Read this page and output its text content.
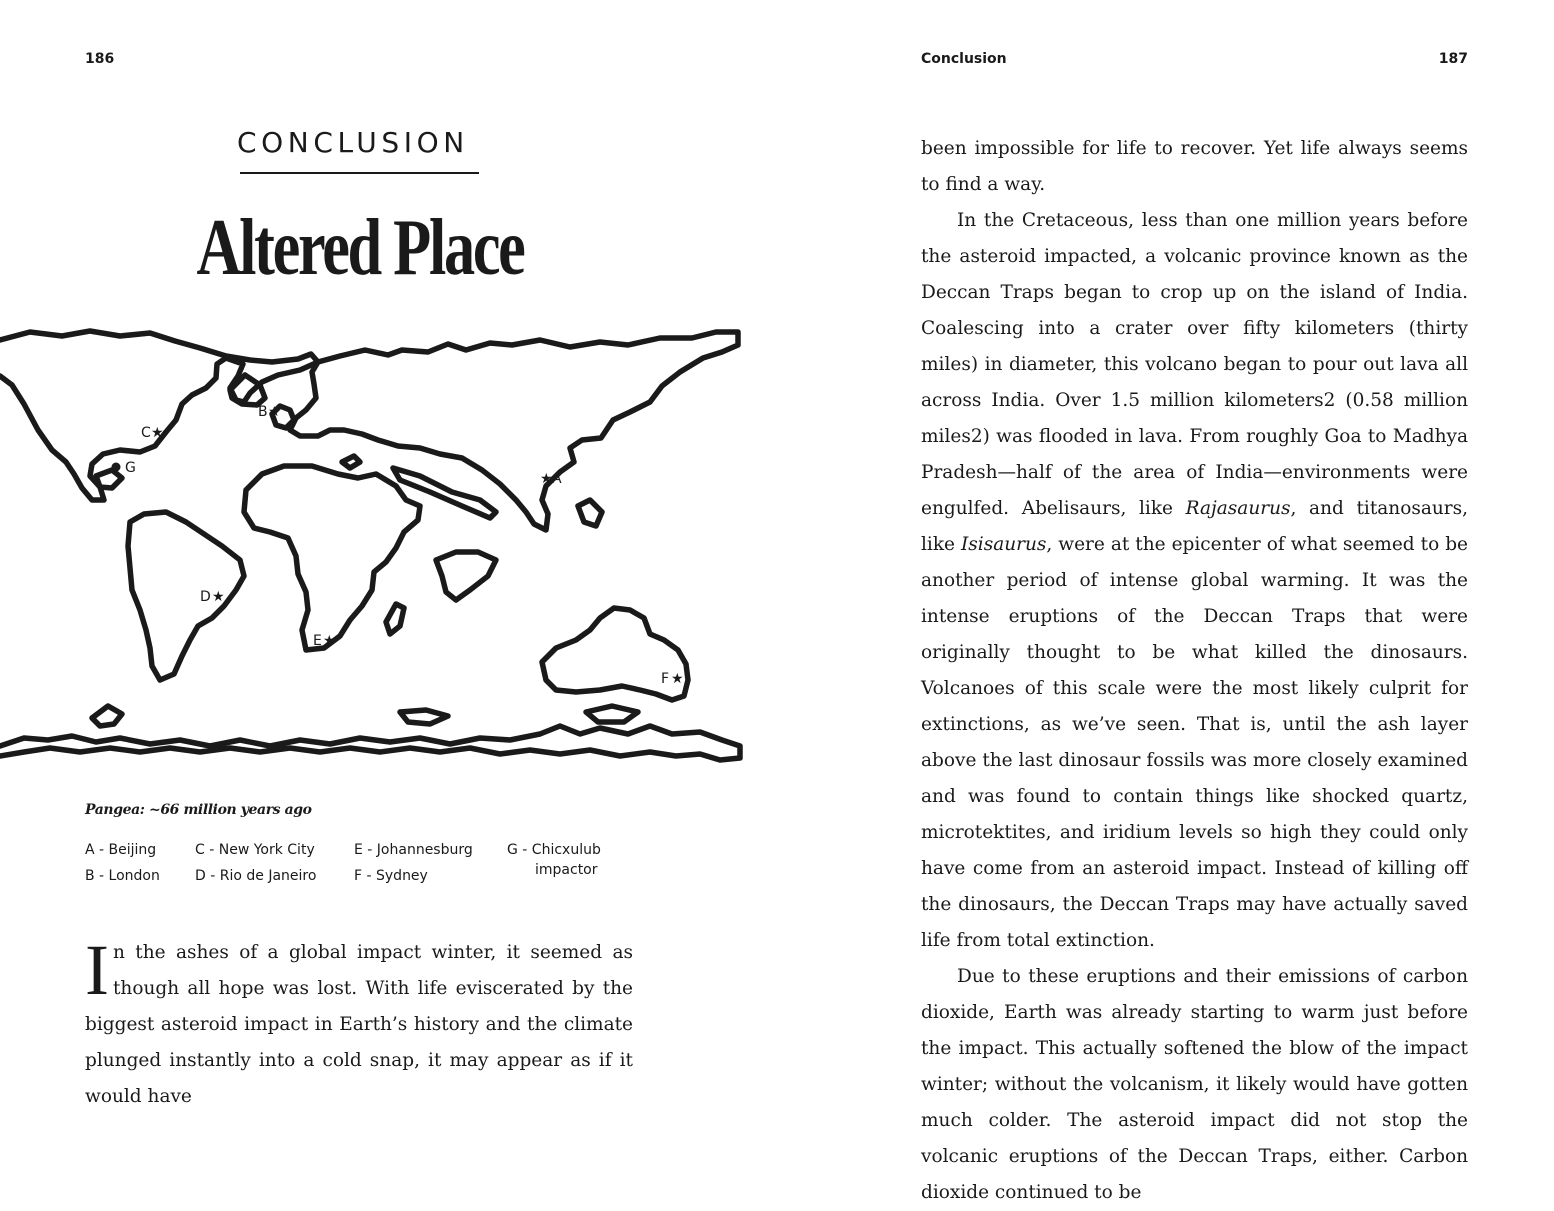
186
CONCLUSION
Altered Place
★ A
B ★
C ★
D ★
E ★
F ★
G
Pangea: ~66 million years ago
A - Beijing
B - London
C - New York City
D - Rio de Janeiro
E - Johannesburg
F - Sydney
G - Chicxulub
impactor

In the ashes of a global impact winter, it seemed as though all hope was lost. With life eviscerated by the biggest asteroid impact in Earth’s history and the climate plunged instantly into a cold snap, it may appear as if it would have

Conclusion	187

been impossible for life to recover. Yet life always seems to find a way.

In the Cretaceous, less than one million years before the asteroid impacted, a volcanic province known as the Deccan Traps began to crop up on the island of India. Coalescing into a crater over fifty kilometers (thirty miles) in diameter, this volcano began to pour out lava all across India. Over 1.5 million kilometers2 (0.58 million miles2) was flooded in lava. From roughly Goa to Madhya Pradesh—half of the area of India—environments were engulfed. Abelisaurs, like Rajasaurus, and titanosaurs, like Isisaurus, were at the epicenter of what seemed to be another period of intense global warming. It was the intense eruptions of the Deccan Traps that were originally thought to be what killed the dinosaurs. Volcanoes of this scale were the most likely culprit for extinctions, as we’ve seen. That is, until the ash layer above the last dinosaur fossils was more closely examined and was found to contain things like shocked quartz, microtektites, and iridium levels so high they could only have come from an asteroid impact. Instead of killing off the dinosaurs, the Deccan Traps may have actually saved life from total extinction.

Due to these eruptions and their emissions of carbon dioxide, Earth was already starting to warm just before the impact. This actually softened the blow of the impact winter; without the volcanism, it likely would have gotten much colder. The asteroid impact did not stop the volcanic eruptions of the Deccan Traps, either. Carbon dioxide continued to be
